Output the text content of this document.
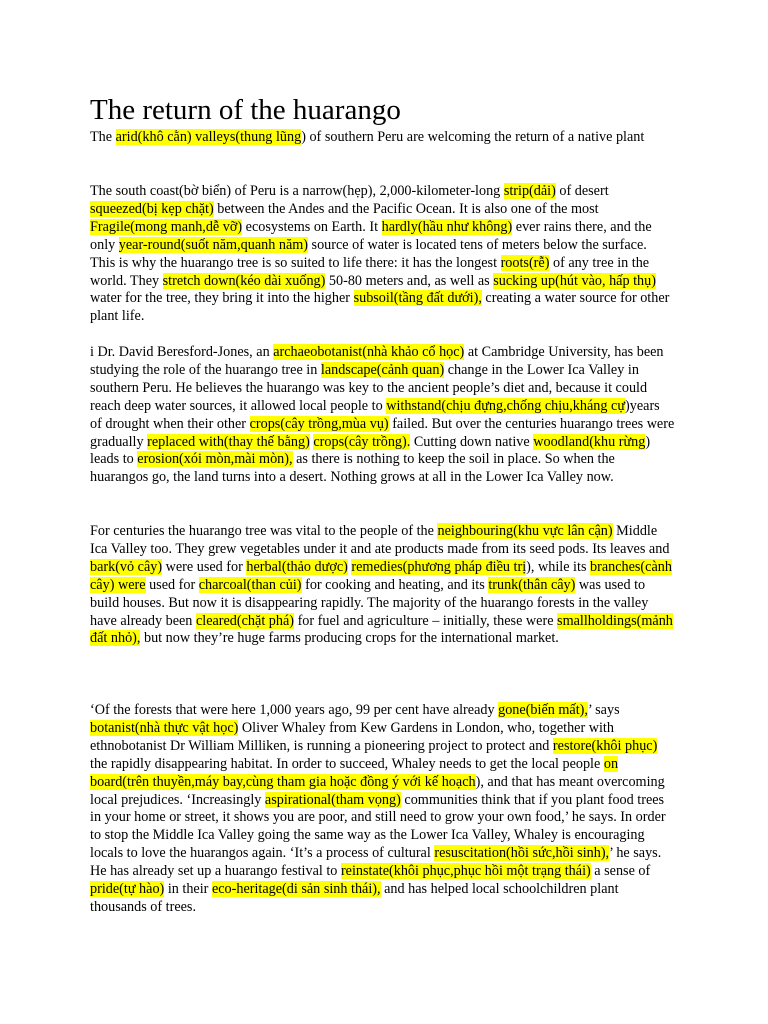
The return of the huarango

The arid(khô cằn) valleys(thung lũng) of southern Peru are welcoming the return of a native plant

The south coast(bờ biển) of Peru is a narrow(hẹp), 2,000-kilometer-long strip(dải) of desert squeezed(bị kẹp chặt) between the Andes and the Pacific Ocean. It is also one of the most Fragile(mong manh,dễ vỡ) ecosystems on Earth. It hardly(hầu như không) ever rains there, and the only year-round(suốt năm,quanh năm) source of water is located tens of meters below the surface. This is why the huarango tree is so suited to life there: it has the longest roots(rễ) of any tree in the world. They stretch down(kéo dài xuống) 50-80 meters and, as well as sucking up(hút vào, hấp thụ) water for the tree, they bring it into the higher subsoil(tầng đất dưới), creating a water source for other plant life.

i Dr. David Beresford-Jones, an archaeobotanist(nhà khảo cổ học) at Cambridge University, has been studying the role of the huarango tree in landscape(cảnh quan) change in the Lower Ica Valley in southern Peru. He believes the huarango was key to the ancient people’s diet and, because it could reach deep water sources, it allowed local people to withstand(chịu đựng,chống chịu,kháng cự)years of drought when their other crops(cây trồng,mùa vụ) failed. But over the centuries huarango trees were gradually replaced with(thay thế bằng) crops(cây trồng). Cutting down native woodland(khu rừng) leads to erosion(xói mòn,mài mòn), as there is nothing to keep the soil in place. So when the huarangos go, the land turns into a desert. Nothing grows at all in the Lower Ica Valley now.

For centuries the huarango tree was vital to the people of the neighbouring(khu vực lân cận) Middle Ica Valley too. They grew vegetables under it and ate products made from its seed pods. Its leaves and bark(vỏ cây) were used for herbal(thảo dược) remedies(phương pháp điều trị), while its branches(cành cây) were used for charcoal(than củi) for cooking and heating, and its trunk(thân cây) was used to build houses. But now it is disappearing rapidly. The majority of the huarango forests in the valley have already been cleared(chặt phá) for fuel and agriculture – initially, these were smallholdings(mảnh đất nhỏ), but now they’re huge farms producing crops for the international market.

‘Of the forests that were here 1,000 years ago, 99 per cent have already gone(biến mất),’ says botanist(nhà thực vật học) Oliver Whaley from Kew Gardens in London, who, together with ethnobotanist Dr William Milliken, is running a pioneering project to protect and restore(khôi phục) the rapidly disappearing habitat. In order to succeed, Whaley needs to get the local people on board(trên thuyền,máy bay,cùng tham gia hoặc đồng ý với kế hoạch), and that has meant overcoming local prejudices. ‘Increasingly aspirational(tham vọng) communities think that if you plant food trees in your home or street, it shows you are poor, and still need to grow your own food,’ he says. In order to stop the Middle Ica Valley going the same way as the Lower Ica Valley, Whaley is encouraging locals to love the huarangos again. ‘It’s a process of cultural resuscitation(hồi sức,hồi sinh),’ he says. He has already set up a huarango festival to reinstate(khôi phục,phục hồi một trạng thái) a sense of pride(tự hào) in their eco-heritage(di sản sinh thái), and has helped local schoolchildren plant thousands of trees.
